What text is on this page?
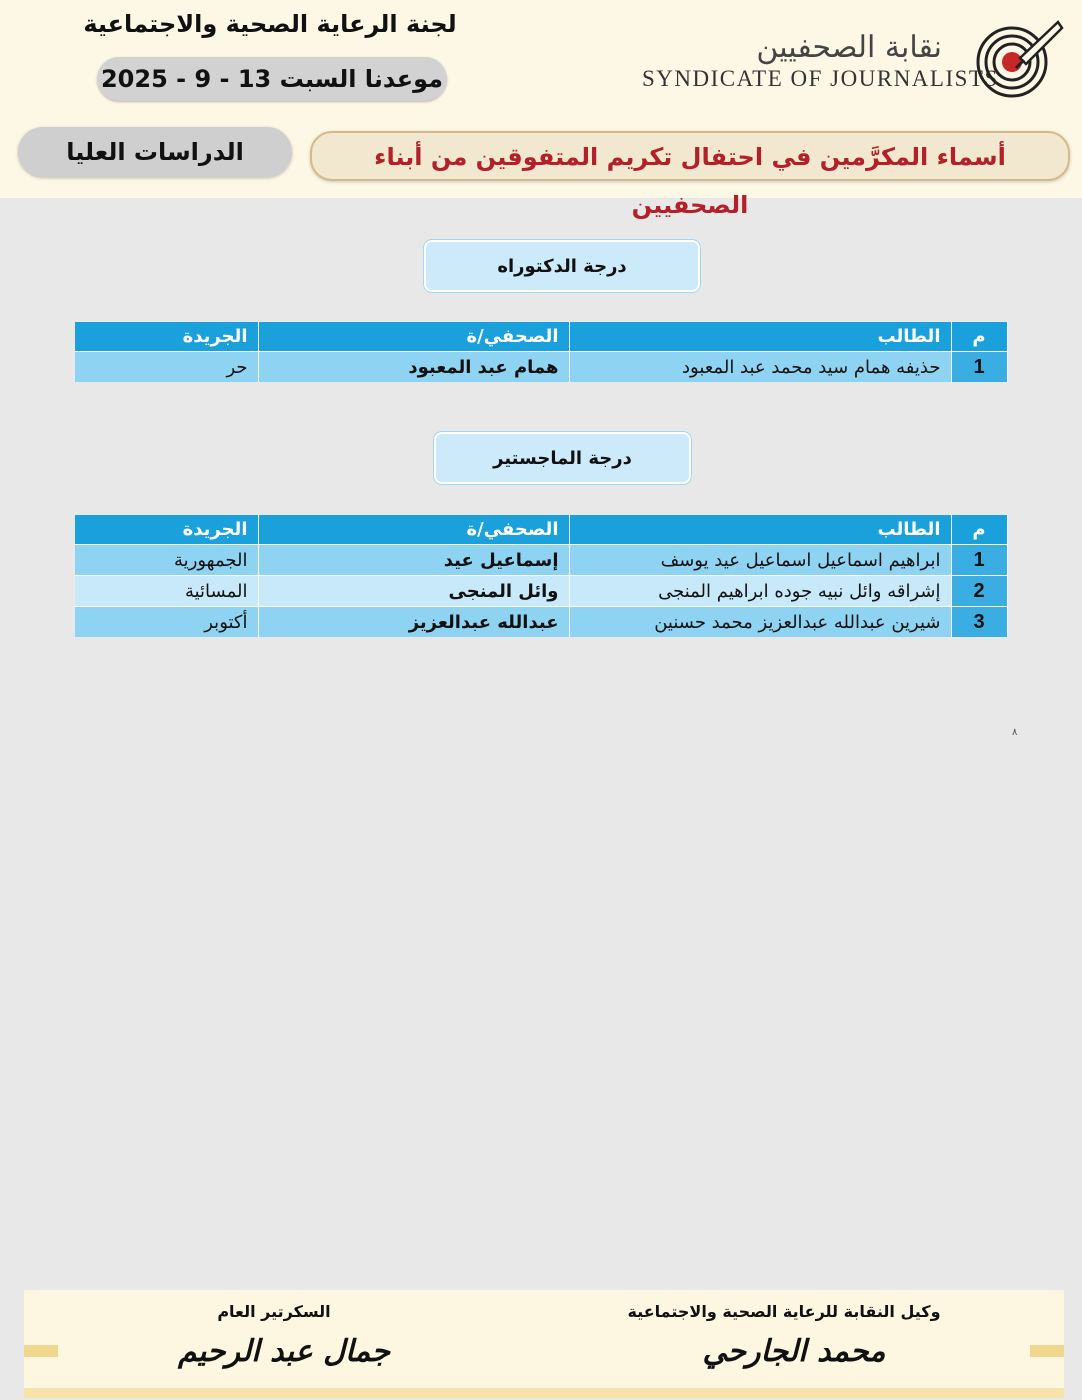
نقابة الصحفيين
SYNDICATE OF JOURNALISTS
لجنة الرعاية الصحية والاجتماعية
موعدنا السبت 13 - 9 - 2025
أسماء المكرَّمين في احتفال تكريم المتفوقين من أبناء الصحفيين
الدراسات العليا
درجة الدكتوراه
م	الطالب	الصحفي/ة	الجريدة
1	حذيفه همام سيد محمد عبد المعبود	همام عبد المعبود	حر
درجة الماجستير
م	الطالب	الصحفي/ة	الجريدة
1	ابراهيم اسماعيل اسماعيل عيد يوسف	إسماعيل عيد	الجمهورية
2	إشراقه وائل نبيه جوده ابراهيم المنجى	وائل المنجى	المسائية
3	شيرين عبدالله عبدالعزيز محمد حسنين	عبدالله عبدالعزيز	أكتوبر
٨
وكيل النقابة للرعاية الصحية والاجتماعية
محمد الجارحي
السكرتير العام
جمال عبد الرحيم
